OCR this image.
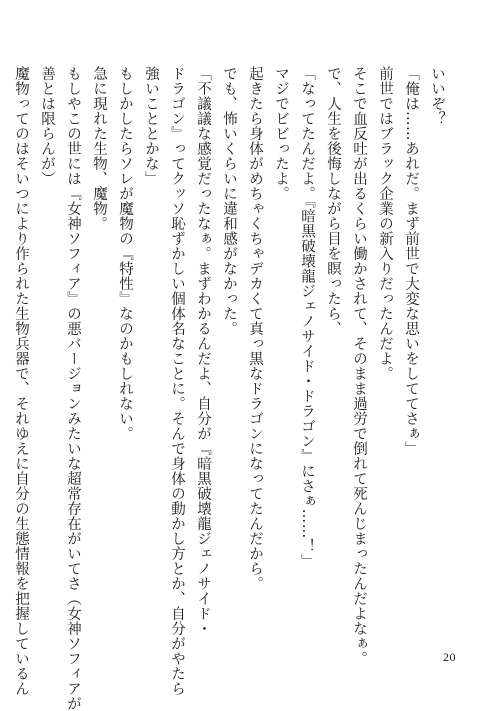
いいぞ？
「俺は……あれだ。まず前世で大変な思いをしててさぁ」
前世ではブラック企業の新入りだったんだよ。
そこで血反吐が出るくらい働かされて、そのまま過労で倒れて死んじまったんだよなぁ。
で、人生を後悔しながら目を瞑ったら、
「なってたんだよ。『暗黒破壊龍ジェノサイド・ドラゴン』にさぁ……！」
マジでビビったよ。
起きたら身体がめちゃくちゃデカくて真っ黒なドラゴンになってたんだから。
でも、怖いくらいに違和感がなかった。
「不議議な感覚だったなぁ。まずわかるんだよ、自分が『暗黒破壊龍ジェノサイド・
ドラゴン』ってクッソ恥ずかしい個体名なことに。そんで身体の動かし方とか、自分がやたら
強いこととかな」
もしかしたらソレが魔物の『特性』なのかもしれない。
急に現れた生物、魔物。
もしやこの世には『女神ソフィア』の悪バージョンみたいな超常存在がいてさ（女神ソフィアが
善とは限らんが）
魔物ってのはそいつにより作られた生物兵器で、それゆえに自分の生態情報を把握しているん	20
